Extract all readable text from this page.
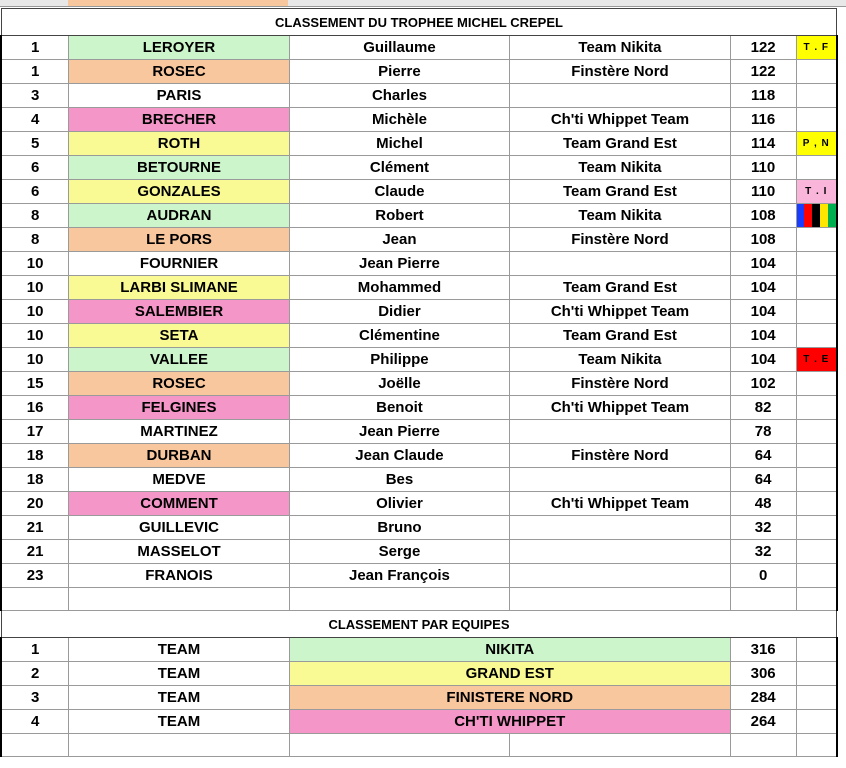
CLASSEMENT DU TROPHEE MICHEL CREPEL						
1	LEROYER	Guillaume	Team Nikita	122	T . F	
1	ROSEC	Pierre	Finstère Nord	122		
3	PARIS	Charles		118		
4	BRECHER	Michèle	Ch'ti Whippet Team	116		
5	ROTH	Michel	Team Grand Est	114	P , N	
6	BETOURNE	Clément	Team Nikita	110		
6	GONZALES	Claude	Team Grand Est	110	T . I	
8	AUDRAN	Robert	Team Nikita	108	

8	LE PORS	Jean	Finstère Nord	108		
10	FOURNIER	Jean Pierre		104		
10	LARBI SLIMANE	Mohammed	Team Grand Est	104		
10	SALEMBIER	Didier	Ch'ti Whippet Team	104		
10	SETA	Clémentine	Team Grand Est	104		
10	VALLEE	Philippe	Team Nikita	104	T . E	
15	ROSEC	Joëlle	Finstère Nord	102		
16	FELGINES	Benoit	Ch'ti Whippet Team	82		
17	MARTINEZ	Jean Pierre		78		
18	DURBAN	Jean Claude	Finstère Nord	64		
18	MEDVE	Bes		64		
20	COMMENT	Olivier	Ch'ti Whippet Team	48		
21	GUILLEVIC	Bruno		32		
21	MASSELOT	Serge		32		
23	FRANOIS	Jean François		0		

CLASSEMENT PAR EQUIPES						
1	TEAM	NIKITA		316		
2	TEAM	GRAND EST		306		
3	TEAM	FINISTERE NORD		284		
4	TEAM	CH'TI WHIPPET		264		
